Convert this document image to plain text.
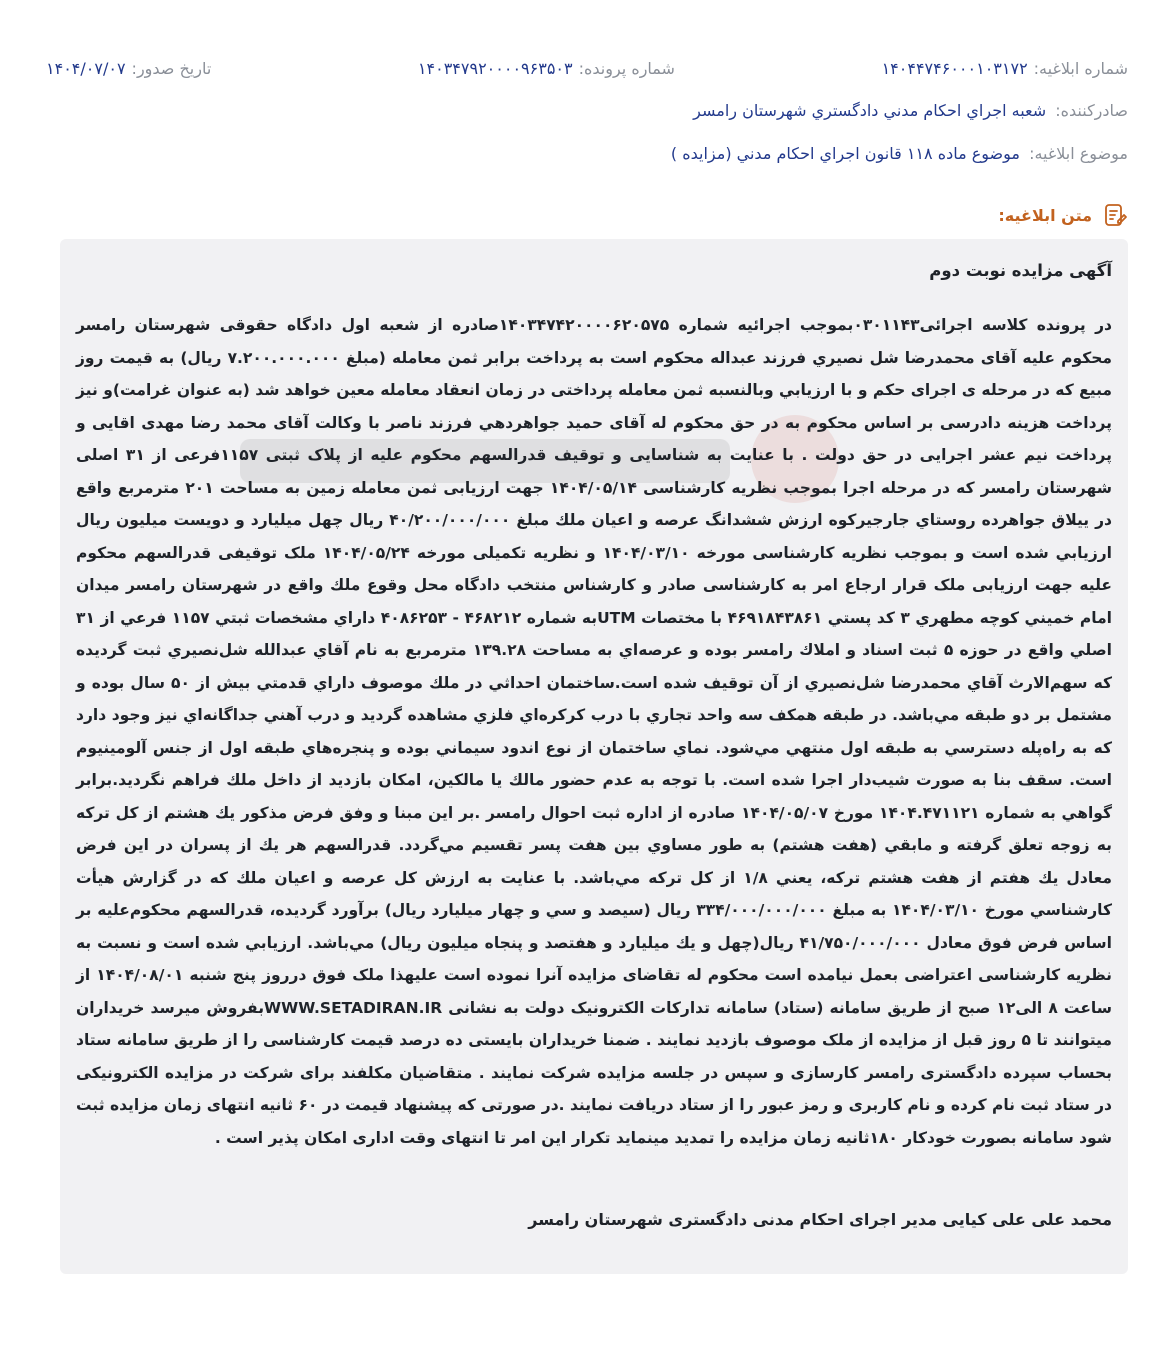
شماره ابلاغیه:
۱۴۰۴۴۷۴۶۰۰۰۱۰۳۱۷۲
شماره پرونده:
۱۴۰۳۴۷۹۲۰۰۰۰۹۶۳۵۰۳
تاریخ صدور:
۱۴۰۴/۰۷/۰۷
صادرکننده: شعبه اجراي احكام مدني دادگستري شهرستان رامسر
موضوع ابلاغیه: موضوع ماده ۱۱۸ قانون اجراي احكام مدني (مزايده )
متن ابلاغیه:
آگهی مزایده نوبت دوم
در پرونده کلاسه اجرائی۰۳۰۱۱۴۳بموجب اجرائیه شماره ۱۴۰۳۴۷۴۲۰۰۰۰۶۲۰۵۷۵صادره از شعبه اول دادگاه حقوقی شهرستان رامسر محکوم علیه آقای محمدرضا شل نصيري فرزند عبداله محکوم است به پرداخت برابر ثمن معامله (مبلغ ۷.۲۰۰.۰۰۰.۰۰۰ ریال) به قيمت روز مبيع كه در مرحله ی اجرای حكم و با ارزيابي وبالنسبه ثمن معامله پرداختی در زمان انعقاد معامله معين خواهد شد (به عنوان غرامت)و نيز پرداخت هزينه دادرسی بر اساس محکوم به در حق محکوم له آقای حمید جواهردهي فرزند ناصر با وكالت آقای محمد رضا مهدی اقایی و پرداخت نیم عشر اجرایی در حق دولت . با عنایت به شناسایی و توقیف قدرالسهم محکوم علیه از پلاک ثبتی ۱۱۵۷فرعی از ۳۱ اصلی شهرستان رامسر که در مرحله اجرا بموجب نظریه کارشناسی ۱۴۰۴/۰۵/۱۴ جهت ارزیابی ثمن معامله زمین به مساحت ۲۰۱ مترمربع واقع در ییلاق جواهرده روستاي جارجيركوه ارزش ششدانگ عرصه و اعيان ملك مبلغ ۴۰/۲۰۰/۰۰۰/۰۰۰ ريال چهل ميليارد و دويست ميليون ريال ارزيابي شده است و بموجب نظریه کارشناسی مورخه ۱۴۰۴/۰۳/۱۰ و نظریه تکمیلی مورخه ۱۴۰۴/۰۵/۲۴ ملک توقیفی قدرالسهم محکوم علیه جهت ارزیابی ملک قرار ارجاع امر به کارشناسی صادر و كارشناس منتخب دادگاه محل وقوع ملك واقع در شهرستان رامسر ميدان امام خميني كوچه مطهري ۳ كد پستي ۴۶۹۱۸۴۳۸۶۱ با مختصات UTMبه شماره ۴۶۸۲۱۲ - ۴۰۸۶۲۵۳ داراي مشخصات ثبتي ۱۱۵۷ فرعي از ۳۱ اصلي واقع در حوزه ۵ ثبت اسناد و املاك رامسر بوده و عرصه‌اي به مساحت ۱۳۹.۲۸ مترمربع به نام آقاي عبدالله شل‌نصيري ثبت گرديده كه سهم‌الارث آقاي محمدرضا شل‌نصيري از آن توقيف شده است.ساختمان احداثي در ملك موصوف داراي قدمتي بيش از ۵۰ سال بوده و مشتمل بر دو طبقه مي‌باشد. در طبقه همكف سه واحد تجاري با درب كركره‌اي فلزي مشاهده گرديد و درب آهني جداگانه‌اي نيز وجود دارد كه به راه‌پله دسترسي به طبقه اول منتهي مي‌شود. نماي ساختمان از نوع اندود سيماني بوده و پنجره‌هاي طبقه اول از جنس آلومينيوم است. سقف بنا به صورت شيب‌دار اجرا شده است. با توجه به عدم حضور مالك يا مالكين، امكان بازديد از داخل ملك فراهم نگرديد.برابر گواهي به شماره ۱۴۰۴.۴۷۱۱۲۱ مورخ ۱۴۰۴/۰۵/۰۷ صادره از اداره ثبت احوال رامسر .بر اين مبنا و وفق فرض مذكور يك هشتم از كل تركه به زوجه تعلق گرفته و مابقي (هفت هشتم) به طور مساوي بين هفت پسر تقسيم مي‌گردد. قدرالسهم هر يك از پسران در اين فرض معادل يك هفتم از هفت هشتم تركه، يعني ۱/۸ از كل تركه مي‌باشد. با عنايت به ارزش كل عرصه و اعيان ملك كه در گزارش هيأت كارشناسي مورخ ۱۴۰۴/۰۳/۱۰ به مبلغ ۳۳۴/۰۰۰/۰۰۰/۰۰۰ ريال (سيصد و سي و چهار ميليارد ريال) برآورد گرديده، قدرالسهم محكوم‌عليه بر اساس فرض فوق معادل ۴۱/۷۵۰/۰۰۰/۰۰۰ ريال(چهل و يك ميليارد و هفتصد و پنجاه ميليون ريال) مي‌باشد. ارزيابي شده است و نسبت به نظریه کارشناسی اعتراضی بعمل نیامده است محکوم له تقاضای مزایده آنرا نموده است علیهذا ملک فوق درروز پنج شنبه ۱۴۰۴/۰۸/۰۱ از ساعت ۸ الی۱۲ صبح از طریق سامانه (ستاد) سامانه تدارکات الکترونیک دولت به نشانی WWW.SETADIRAN.IRبفروش ميرسد خريداران ميتوانند تا ۵ روز قبل از مزایده از ملک موصوف بازدید نمایند . ضمنا خریداران بایستی ده درصد قیمت کارشناسی را از طریق سامانه ستاد بحساب سپرده دادگستری رامسر کارسازی و سپس در جلسه مزایده شرکت نمایند . متقاضیان مکلفند برای شرکت در مزایده الکترونیکی در ستاد ثبت نام کرده و نام کاربری و رمز عبور را از ستاد دریافت نمایند .در صورتی که پیشنهاد قیمت در ۶۰ ثانیه انتهای زمان مزایده ثبت شود سامانه بصورت خودکار ۱۸۰ثانیه زمان مزایده را تمدید مینماید تکرار این امر تا انتهای وقت اداری امکان پذیر است .
محمد علی علی کیایی مدیر اجرای احکام مدنی دادگستری شهرستان رامسر
